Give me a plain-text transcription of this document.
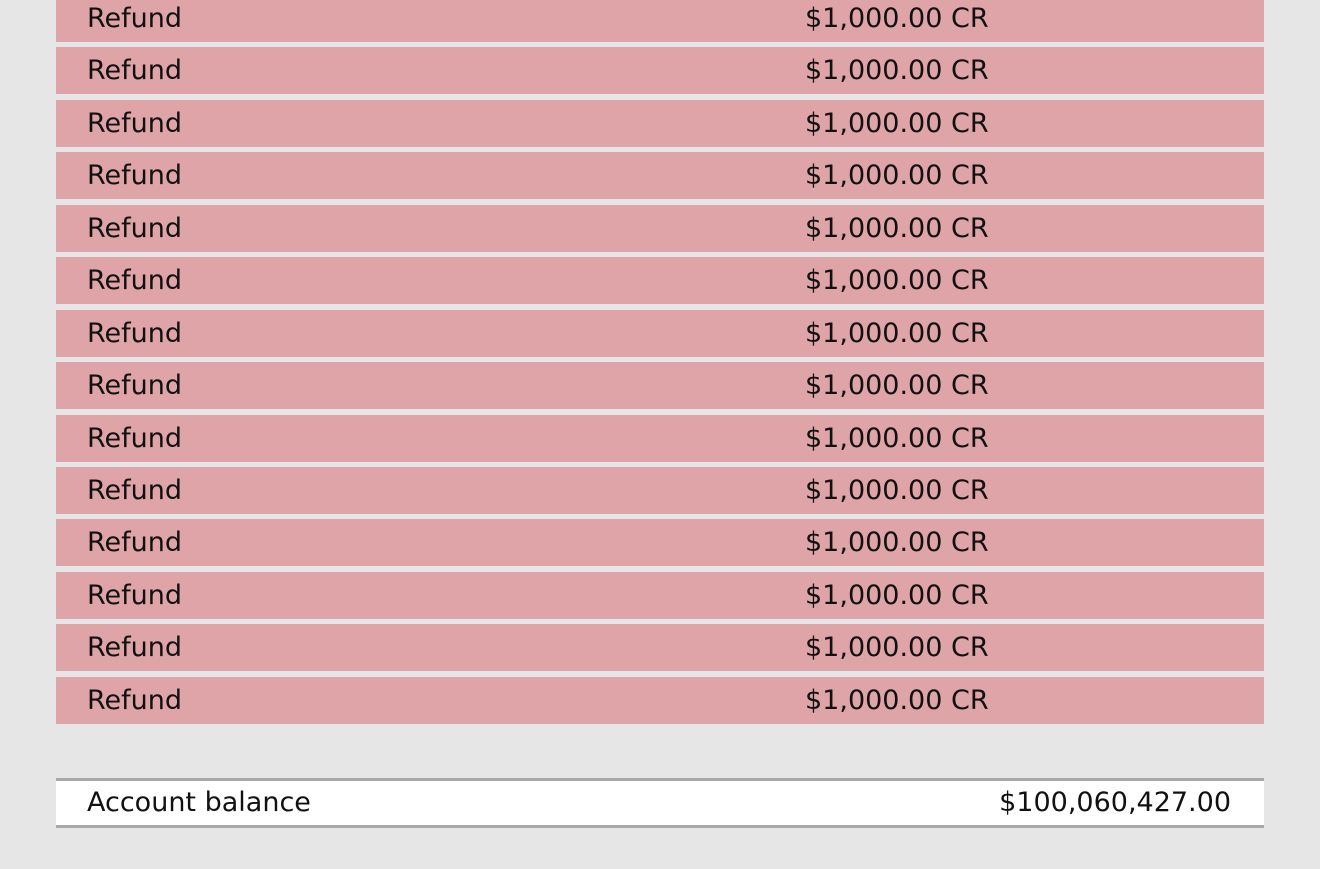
Refund	$1,000.00 CR
Refund	$1,000.00 CR
Refund	$1,000.00 CR
Refund	$1,000.00 CR
Refund	$1,000.00 CR
Refund	$1,000.00 CR
Refund	$1,000.00 CR
Refund	$1,000.00 CR
Refund	$1,000.00 CR
Refund	$1,000.00 CR
Refund	$1,000.00 CR
Refund	$1,000.00 CR
Refund	$1,000.00 CR
Refund	$1,000.00 CR
Account balance	$100,060,427.00
